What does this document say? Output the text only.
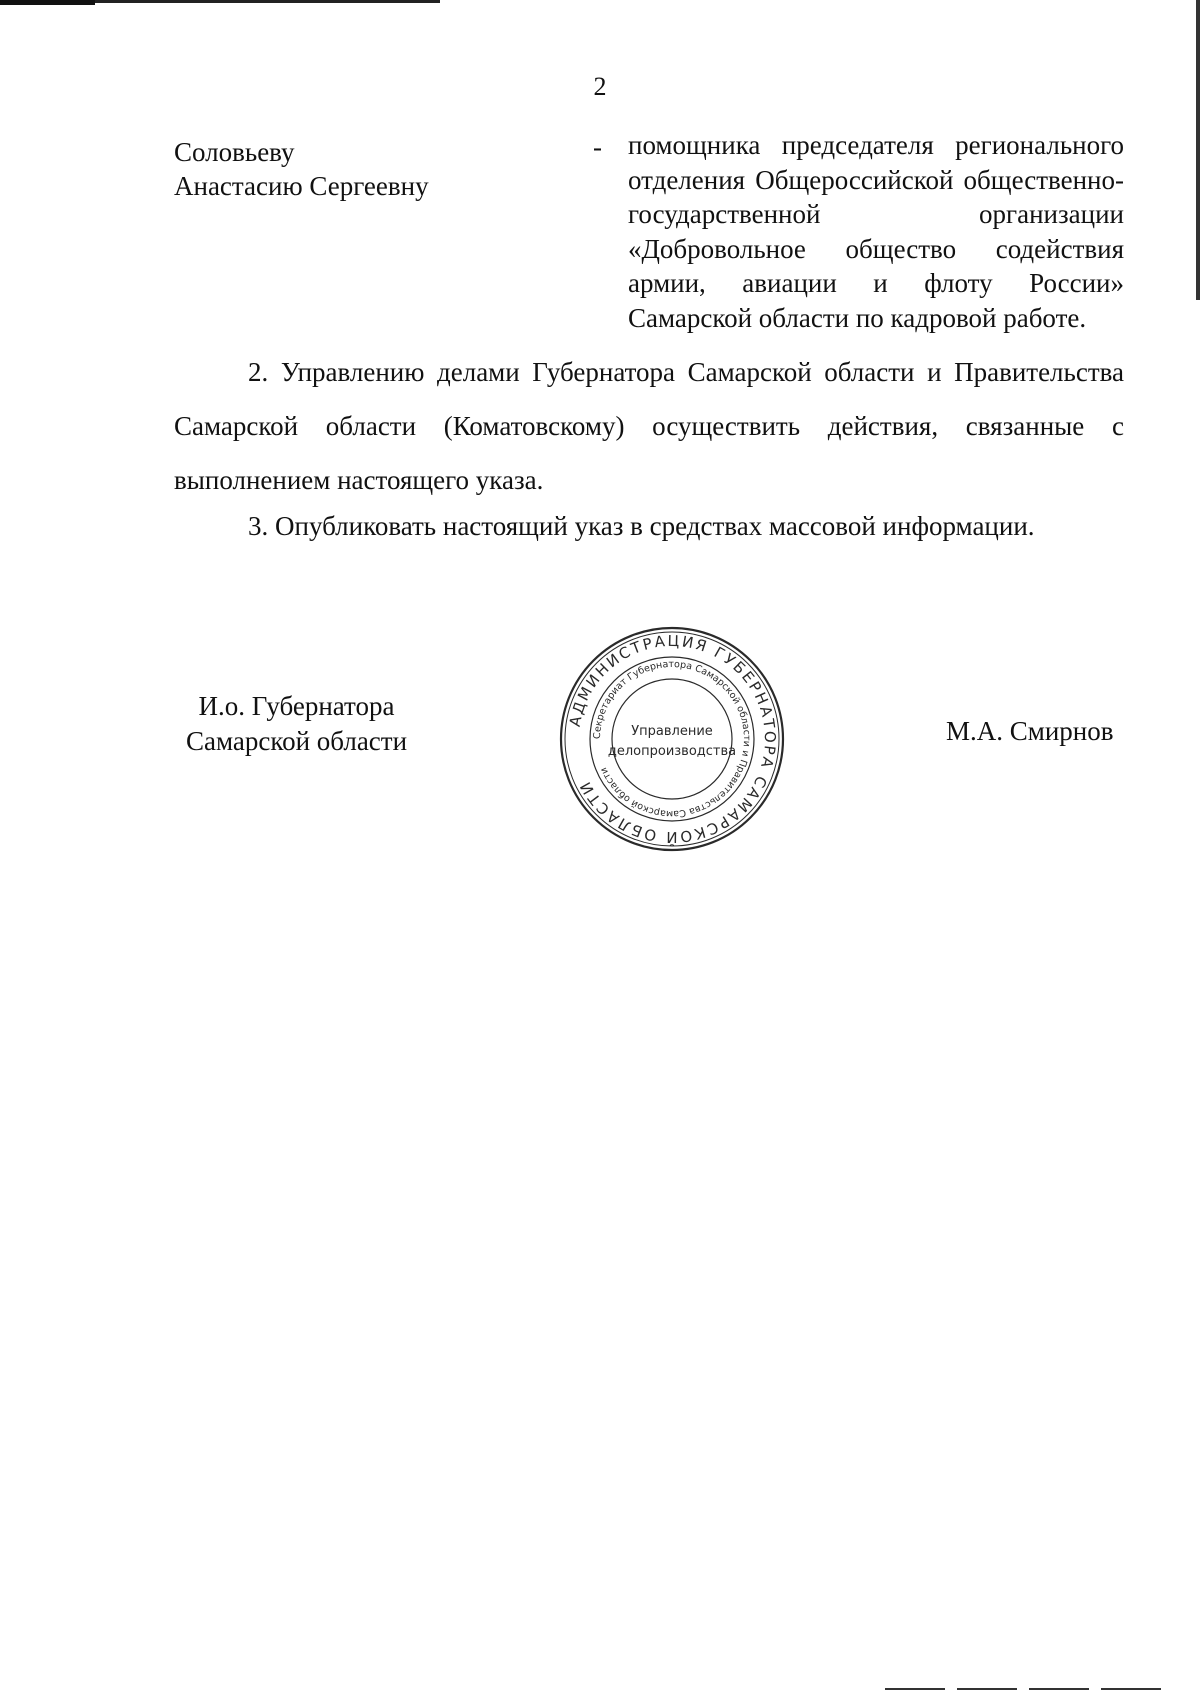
2
Соловьеву
Анастасию Сергеевну
- помощника председателя регионального отделения Общероссийской общественно-государственной организации «Добровольное общество содействия армии, авиации и флоту России» Самарской области по кадровой работе.
2. Управлению делами Губернатора Самарской области и Правительства Самарской области (Коматовскому) осуществить действия, связанные с выполнением настоящего указа.
3. Опубликовать настоящий указ в средствах массовой информации.
И.о. Губернатора
Самарской области	М.А. Смирнов
АДМИНИСТРАЦИЯ ГУБЕРНАТОРА САМАРСКОЙ ОБЛАСТИ
Секретариат Губернатора Самарской области и Правительства Самарской области
Управление
делопроизводства
